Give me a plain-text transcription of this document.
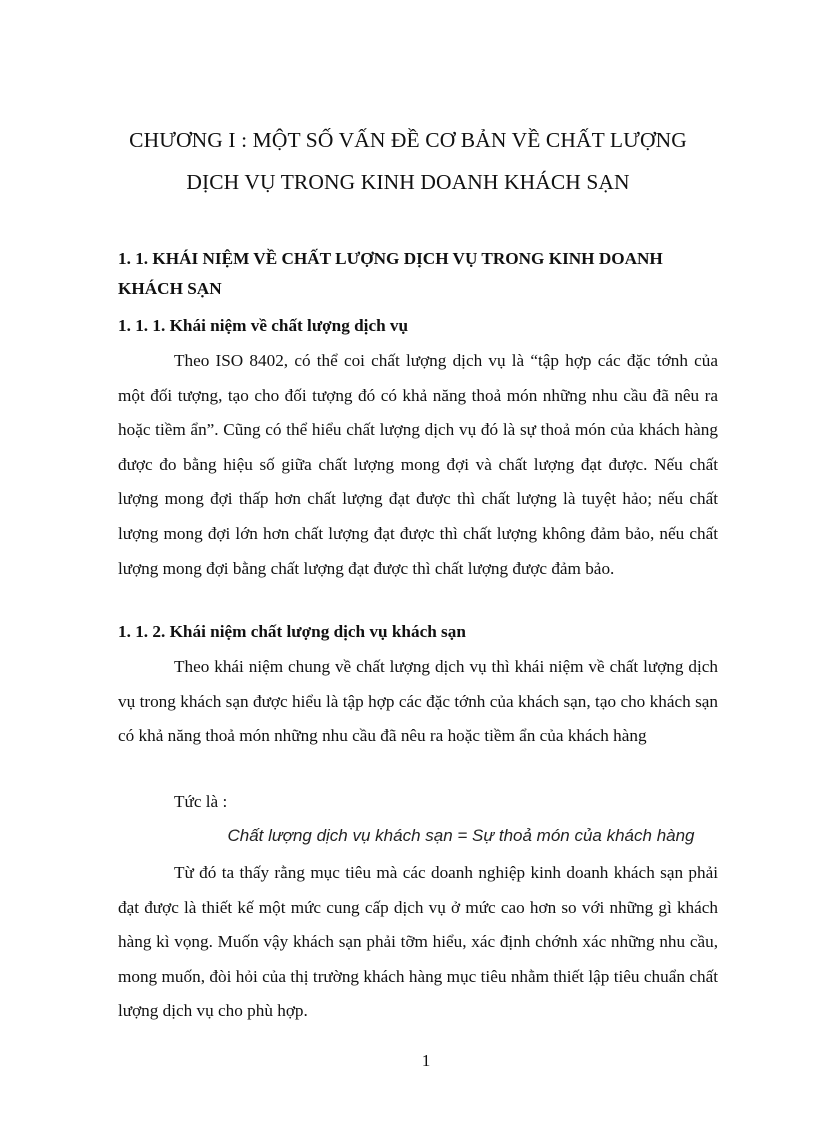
CHƯƠNG I : MỘT SỐ VẤN ĐỀ CƠ BẢN VỀ CHẤT LƯỢNG
DỊCH VỤ TRONG KINH DOANH KHÁCH SẠN
1. 1. KHÁI NIỆM VỀ CHẤT LƯỢNG DỊCH VỤ TRONG KINH DOANH KHÁCH SẠN
1. 1. 1. Khái niệm về chất lượng dịch vụ

Theo ISO 8402, có thể coi chất lượng dịch vụ là “tập hợp các đặc tớnh của một đối tượng, tạo cho đối tượng đó có khả năng thoả món những nhu cầu đã nêu ra hoặc tiềm ẩn”. Cũng có thể hiểu chất lượng dịch vụ đó là sự thoả món của khách hàng được đo bằng hiệu số giữa chất lượng mong đợi và chất lượng đạt được. Nếu chất lượng mong đợi thấp hơn chất lượng đạt được thì chất lượng là tuyệt hảo; nếu chất lượng mong đợi lớn hơn chất lượng đạt được thì chất lượng không đảm bảo, nếu chất lượng mong đợi bằng chất lượng đạt được thì chất lượng được đảm bảo.

1. 1. 2. Khái niệm chất lượng dịch vụ khách sạn

Theo khái niệm chung về chất lượng dịch vụ thì khái niệm về chất lượng dịch vụ trong khách sạn được hiểu là tập hợp các đặc tớnh của khách sạn, tạo cho khách sạn có khả năng thoả món những nhu cầu đã nêu ra hoặc tiềm ẩn của khách hàng

Tức là :

Chất lượng dịch vụ khách sạn = Sự thoả món của khách hàng

Từ đó ta thấy rằng mục tiêu mà các doanh nghiệp kinh doanh khách sạn phải đạt được là thiết kế một mức cung cấp dịch vụ ở mức cao hơn so với những gì khách hàng kì vọng. Muốn vậy khách sạn phải tỡm hiểu, xác định chớnh xác những nhu cầu, mong muốn, đòi hỏi của thị trường khách hàng mục tiêu nhằm thiết lập tiêu chuẩn chất lượng dịch vụ cho phù hợp.

1
